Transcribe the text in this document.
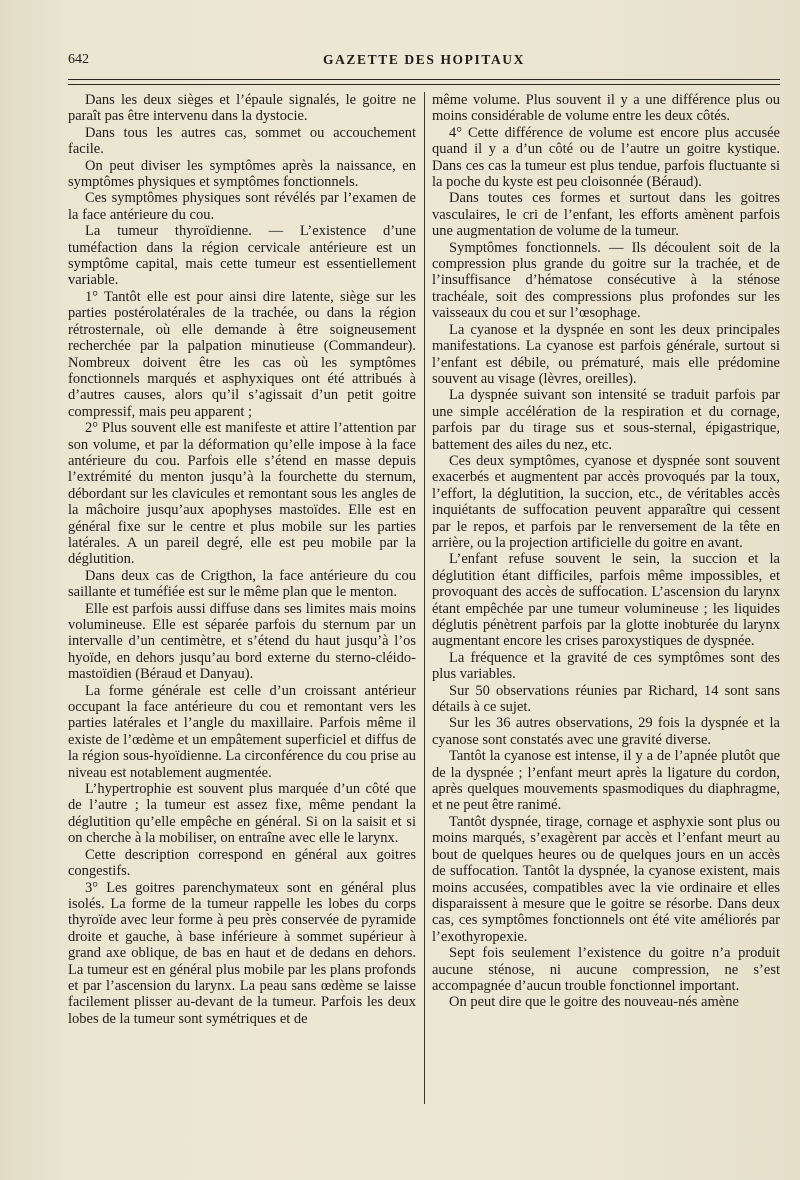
642	GAZETTE DES HOPITAUX

Dans les deux sièges et l’épaule signalés, le goitre ne paraît pas être intervenu dans la dystocie.

Dans tous les autres cas, sommet ou accouchement facile.

On peut diviser les symptômes après la naissance, en symptômes physiques et symptômes fonctionnels.

Ces symptômes physiques sont révélés par l’examen de la face antérieure du cou.

La tumeur thyroïdienne. — L’existence d’une tuméfaction dans la région cervicale antérieure est un symptôme capital, mais cette tumeur est essentiellement variable.

1° Tantôt elle est pour ainsi dire latente, siège sur les parties postérolatérales de la trachée, ou dans la région rétrosternale, où elle demande à être soigneusement recherchée par la palpation minutieuse (Commandeur). Nombreux doivent être les cas où les symptômes fonctionnels marqués et asphyxiques ont été attribués à d’autres causes, alors qu’il s’agissait d’un petit goitre compressif, mais peu apparent ;

2° Plus souvent elle est manifeste et attire l’attention par son volume, et par la déformation qu’elle impose à la face antérieure du cou. Parfois elle s’étend en masse depuis l’extrémité du menton jusqu’à la fourchette du sternum, débordant sur les clavicules et remontant sous les angles de la mâchoire jusqu’aux apophyses mastoïdes. Elle est en général fixe sur le centre et plus mobile sur les parties latérales. A un pareil degré, elle est peu mobile par la déglutition.

Dans deux cas de Crigthon, la face antérieure du cou saillante et tuméfiée est sur le même plan que le menton.

Elle est parfois aussi diffuse dans ses limites mais moins volumineuse. Elle est séparée parfois du sternum par un intervalle d’un centimètre, et s’étend du haut jusqu’à l’os hyoïde, en dehors jusqu’au bord externe du sterno-cléido-mastoïdien (Béraud et Danyau).

La forme générale est celle d’un croissant antérieur occupant la face antérieure du cou et remontant vers les parties latérales et l’angle du maxillaire. Parfois même il existe de l’œdème et un empâtement superficiel et diffus de la région sous-hyoïdienne. La circonférence du cou prise au niveau est notablement augmentée.

L’hypertrophie est souvent plus marquée d’un côté que de l’autre ; la tumeur est assez fixe, même pendant la déglutition qu’elle empêche en général. Si on la saisit et si on cherche à la mobiliser, on entraîne avec elle le larynx.

Cette description correspond en général aux goitres congestifs.

3° Les goitres parenchymateux sont en général plus isolés. La forme de la tumeur rappelle les lobes du corps thyroïde avec leur forme à peu près conservée de pyramide droite et gauche, à base inférieure à sommet supérieur à grand axe oblique, de bas en haut et de dedans en dehors. La tumeur est en général plus mobile par les plans profonds et par l’ascension du larynx. La peau sans œdème se laisse facilement plisser au-devant de la tumeur. Parfois les deux lobes de la tumeur sont symétriques et de

même volume. Plus souvent il y a une différence plus ou moins considérable de volume entre les deux côtés.

4° Cette différence de volume est encore plus accusée quand il y a d’un côté ou de l’autre un goitre kystique. Dans ces cas la tumeur est plus tendue, parfois fluctuante si la poche du kyste est peu cloisonnée (Béraud).

Dans toutes ces formes et surtout dans les goitres vasculaires, le cri de l’enfant, les efforts amènent parfois une augmentation de volume de la tumeur.

Symptômes fonctionnels. — Ils découlent soit de la compression plus grande du goitre sur la trachée, et de l’insuffisance d’hématose consécutive à la sténose trachéale, soit des compressions plus profondes sur les vaisseaux du cou et sur l’œsophage.

La cyanose et la dyspnée en sont les deux principales manifestations. La cyanose est parfois générale, surtout si l’enfant est débile, ou prématuré, mais elle prédomine souvent au visage (lèvres, oreilles).

La dyspnée suivant son intensité se traduit parfois par une simple accélération de la respiration et du cornage, parfois par du tirage sus et sous-sternal, épigastrique, battement des ailes du nez, etc.

Ces deux symptômes, cyanose et dyspnée sont souvent exacerbés et augmentent par accès provoqués par la toux, l’effort, la déglutition, la succion, etc., de véritables accès inquiétants de suffocation peuvent apparaître qui cessent par le repos, et parfois par le renversement de la tête en arrière, ou la projection artificielle du goitre en avant.

L’enfant refuse souvent le sein, la succion et la déglutition étant difficiles, parfois même impossibles, et provoquant des accès de suffocation. L’ascension du larynx étant empêchée par une tumeur volumineuse ; les liquides déglutis pénètrent parfois par la glotte inobturée du larynx augmentant encore les crises paroxystiques de dyspnée.

La fréquence et la gravité de ces symptômes sont des plus variables.

Sur 50 observations réunies par Richard, 14 sont sans détails à ce sujet.

Sur les 36 autres observations, 29 fois la dyspnée et la cyanose sont constatés avec une gravité diverse.

Tantôt la cyanose est intense, il y a de l’apnée plutôt que de la dyspnée ; l’enfant meurt après la ligature du cordon, après quelques mouvements spasmodiques du diaphragme, et ne peut être ranimé.

Tantôt dyspnée, tirage, cornage et asphyxie sont plus ou moins marqués, s’exagèrent par accès et l’enfant meurt au bout de quelques heures ou de quelques jours en un accès de suffocation. Tantôt la dyspnée, la cyanose existent, mais moins accusées, compatibles avec la vie ordinaire et elles disparaissent à mesure que le goitre se résorbe. Dans deux cas, ces symptômes fonctionnels ont été vite améliorés par l’exothyropexie.

Sept fois seulement l’existence du goitre n’a produit aucune sténose, ni aucune compression, ne s’est accompagnée d’aucun trouble fonctionnel important.

On peut dire que le goitre des nouveau-nés amène
